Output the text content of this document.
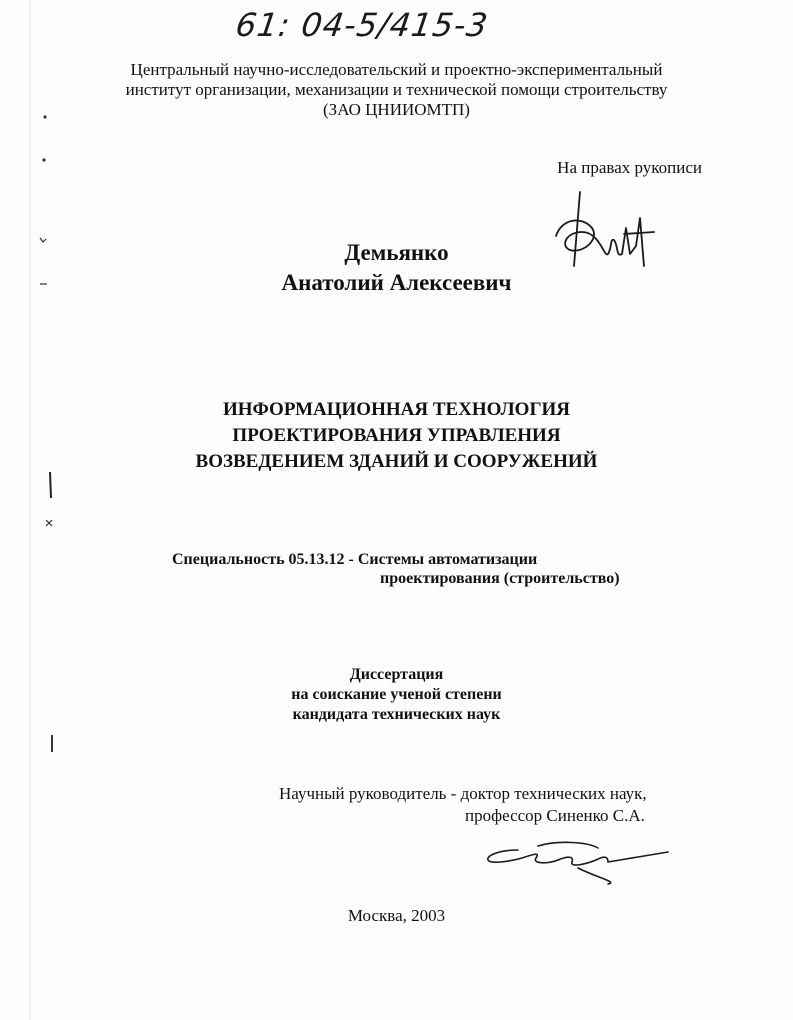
61: 04-5/415-3
Центральный научно-исследовательский и проектно-экспериментальный
институт организации, механизации и технической помощи строительству
(ЗАО ЦНИИОМТП)
На правах рукописи
Демьянко
Анатолий Алексеевич
ИНФОРМАЦИОННАЯ ТЕХНОЛОГИЯ
ПРОЕКТИРОВАНИЯ УПРАВЛЕНИЯ
ВОЗВЕДЕНИЕМ ЗДАНИЙ И СООРУЖЕНИЙ
Специальность 05.13.12 - Системы автоматизации
проектирования (строительство)
Диссертация
на соискание ученой степени
кандидата технических наук
Научный руководитель - доктор технических наук,
профессор Синенко С.А.
Москва, 2003
